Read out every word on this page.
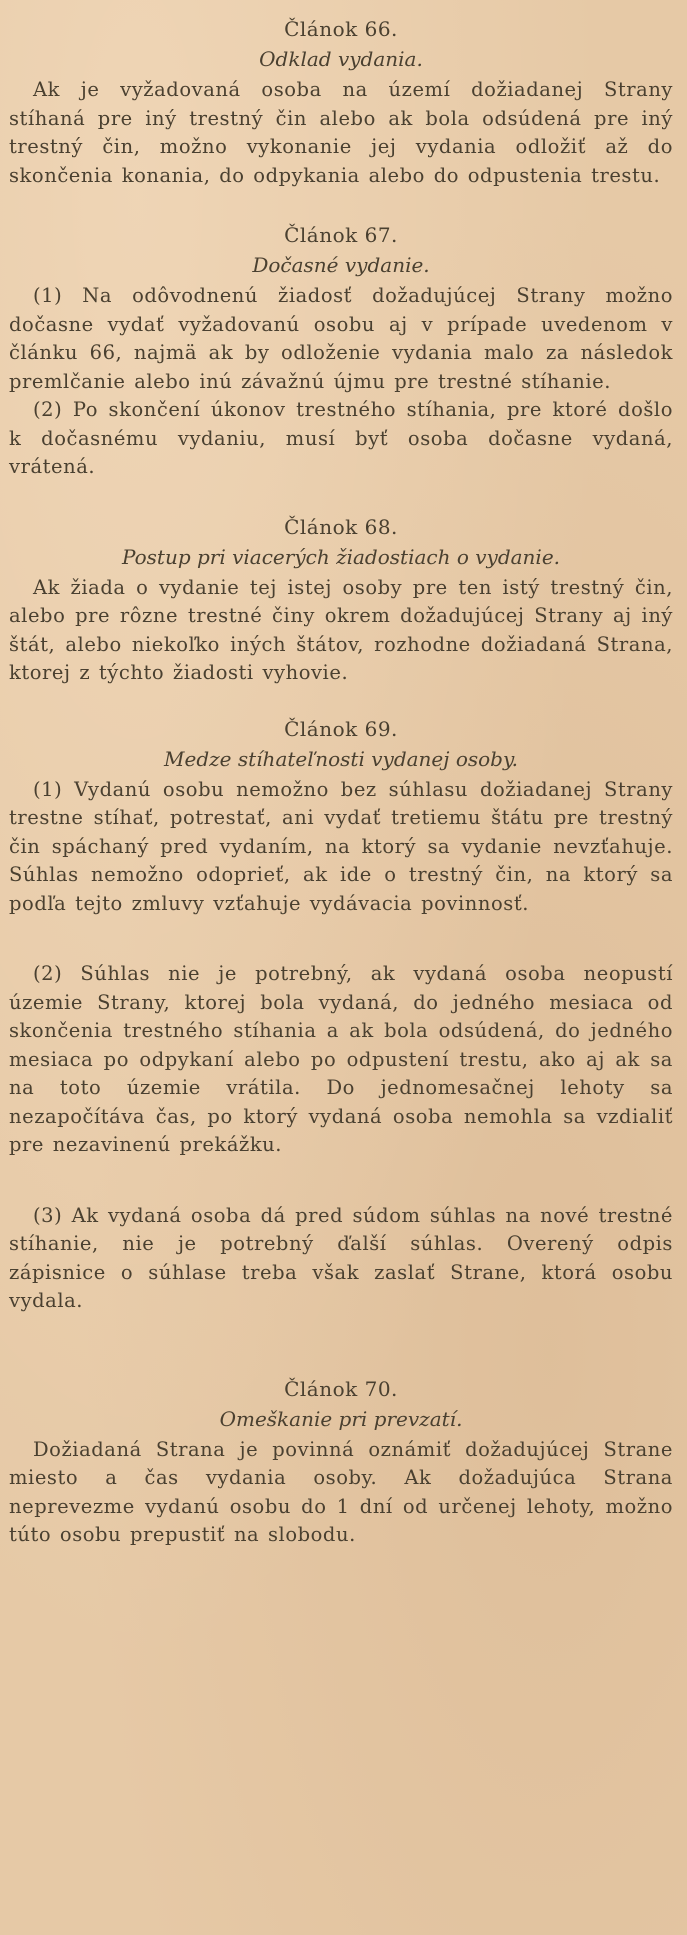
Článok 66.
Odklad vydania.

Ak je vyžadovaná osoba na území dožiadanej Strany stíhaná pre iný trestný čin alebo ak bola odsúdená pre iný trestný čin, možno vykonanie jej vydania odložiť až do skončenia konania, do odpykania alebo do odpustenia trestu.

Článok 67.
Dočasné vydanie.

(1) Na odôvodnenú žiadosť dožadujúcej Strany možno dočasne vydať vyžadovanú osobu aj v prípade uvedenom v článku 66, najmä ak by odloženie vydania malo za následok premlčanie alebo inú závažnú újmu pre trestné stíhanie.

(2) Po skončení úkonov trestného stíhania, pre ktoré došlo k dočasnému vydaniu, musí byť osoba dočasne vydaná, vrátená.

Článok 68.
Postup pri viacerých žiadostiach o vydanie.

Ak žiada o vydanie tej istej osoby pre ten istý trestný čin, alebo pre rôzne trestné činy okrem dožadujúcej Strany aj iný štát, alebo niekoľko iných štátov, rozhodne dožiadaná Strana, ktorej z týchto žiadosti vyhovie.

Článok 69.
Medze stíhateľnosti vydanej osoby.

(1) Vydanú osobu nemožno bez súhlasu dožiadanej Strany trestne stíhať, potrestať, ani vydať tretiemu štátu pre trestný čin spáchaný pred vydaním, na ktorý sa vydanie nevzťahuje. Súhlas nemožno odoprieť, ak ide o trestný čin, na ktorý sa podľa tejto zmluvy vzťahuje vydávacia povinnosť.

(2) Súhlas nie je potrebný, ak vydaná osoba neopustí územie Strany, ktorej bola vydaná, do jedného mesiaca od skončenia trestného stíhania a ak bola odsúdená, do jedného mesiaca po odpykaní alebo po odpustení trestu, ako aj ak sa na toto územie vrátila. Do jednomesačnej lehoty sa nezapočítáva čas, po ktorý vydaná osoba nemohla sa vzdialiť pre nezavinenú prekážku.

(3) Ak vydaná osoba dá pred súdom súhlas na nové trestné stíhanie, nie je potrebný ďalší súhlas. Overený odpis zápisnice o súhlase treba však zaslať Strane, ktorá osobu vydala.

Článok 70.
Omeškanie pri prevzatí.

Dožiadaná Strana je povinná oznámiť dožadujúcej Strane miesto a čas vydania osoby. Ak dožadujúca Strana neprevezme vydanú osobu do 1 dní od určenej lehoty, možno túto osobu prepustiť na slobodu.
